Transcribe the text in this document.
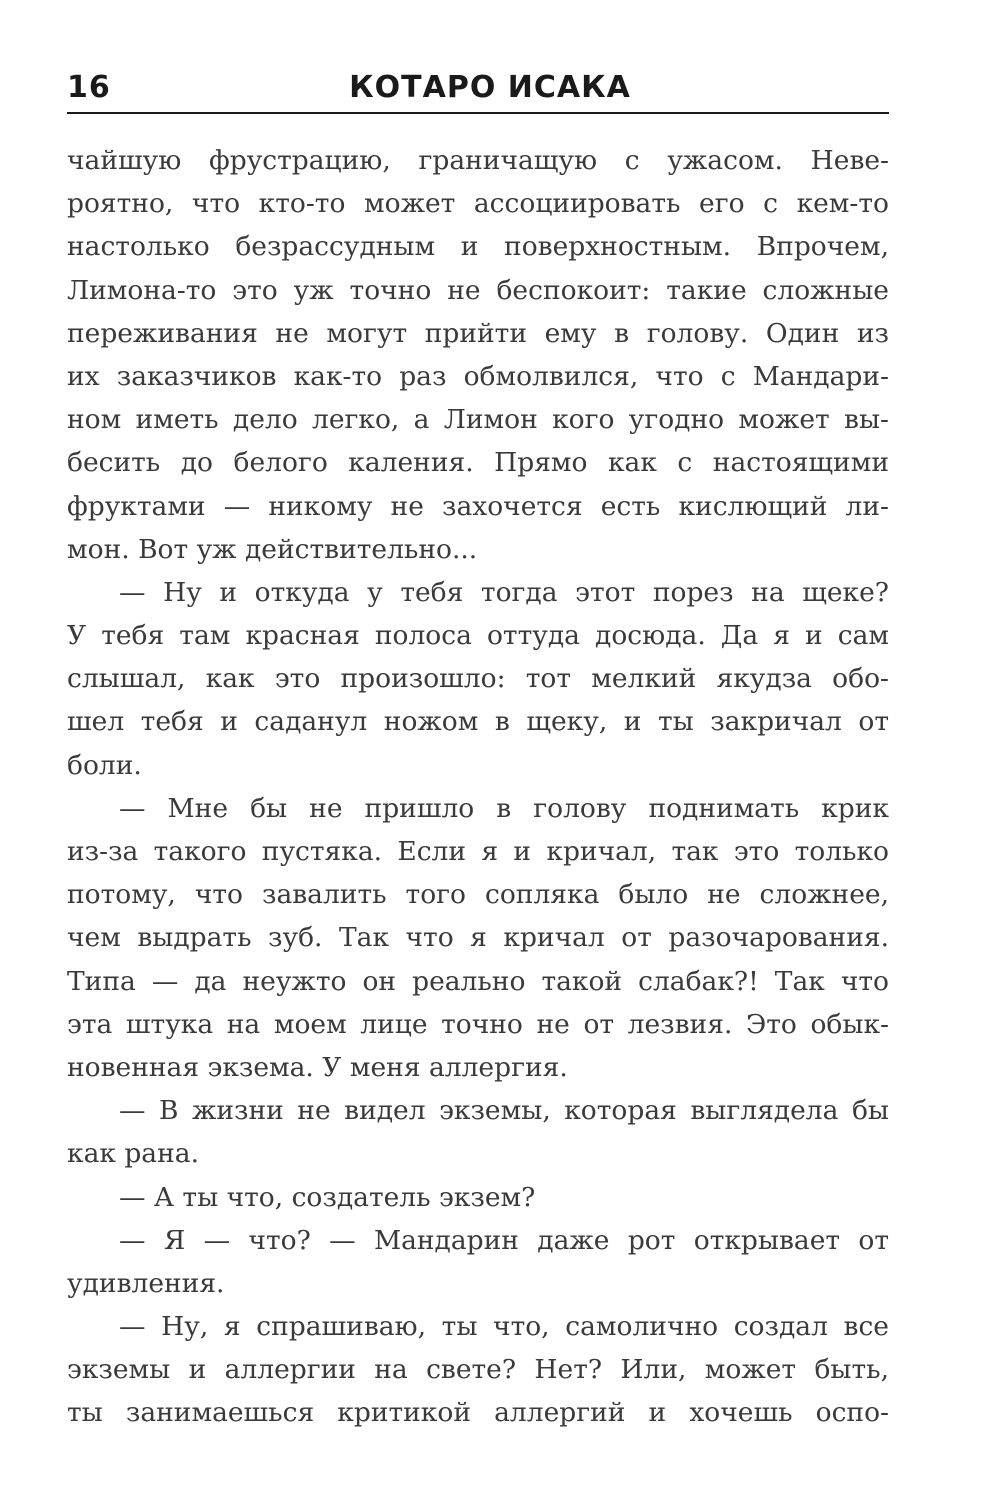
16	КОТАРО ИСАКА
чайшую фрустрацию, граничащую с ужасом. Неве-
роятно, что кто-то может ассоциировать его с кем-то
настолько безрассудным и поверхностным. Впрочем,
Лимона-то это уж точно не беспокоит: такие сложные
переживания не могут прийти ему в голову. Один из
их заказчиков как-то раз обмолвился, что с Мандари-
ном иметь дело легко, а Лимон кого угодно может вы-
бесить до белого каления. Прямо как с настоящими
фруктами — никому не захочется есть кислющий ли-
мон. Вот уж действительно...
— Ну и откуда у тебя тогда этот порез на щеке?
У тебя там красная полоса оттуда досюда. Да я и сам
слышал, как это произошло: тот мелкий якудза обо-
шел тебя и саданул ножом в щеку, и ты закричал от
боли.
— Мне бы не пришло в голову поднимать крик
из-за такого пустяка. Если я и кричал, так это только
потому, что завалить того сопляка было не сложнее,
чем выдрать зуб. Так что я кричал от разочарования.
Типа — да неужто он реально такой слабак?! Так что
эта штука на моем лице точно не от лезвия. Это обык-
новенная экзема. У меня аллергия.
— В жизни не видел экземы, которая выглядела бы
как рана.
— А ты что, создатель экзем?
— Я — что? — Мандарин даже рот открывает от
удивления.
— Ну, я спрашиваю, ты что, самолично создал все
экземы и аллергии на свете? Нет? Или, может быть,
ты занимаешься критикой аллергий и хочешь оспо-
